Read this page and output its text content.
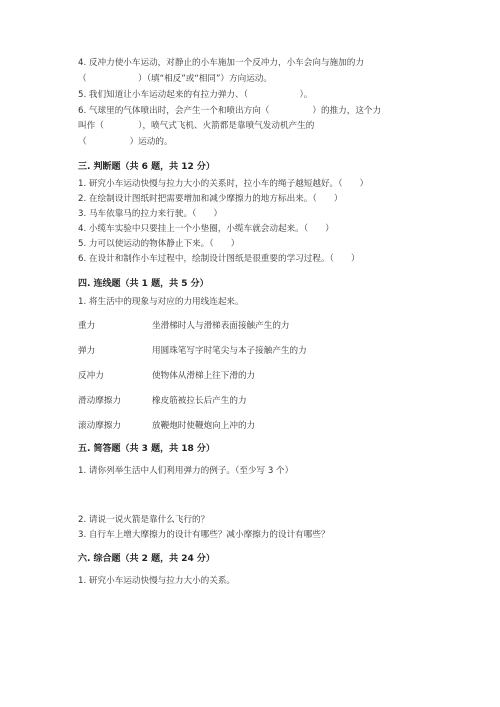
4. 反冲力使小车运动，对静止的小车施加一个反冲力，小车会向与施加的力
（　　　　　　）（填“相反”或“相同”）方向运动。
5. 我们知道让小车运动起来的有拉力弹力、（　　　　　　）。
6. 气球里的气体喷出时，会产生一个和喷出方向（　　　　　）的推力，这个力
叫作（　　　　），喷气式飞机、火箭都是靠喷气发动机产生的
（　　　　　）运动的。
三. 判断题（共 6 题，共 12 分）
1. 研究小车运动快慢与拉力大小的关系时，拉小车的绳子越短越好。（　　）
2. 在绘制设计图纸时把需要增加和减少摩擦力的地方标出来。（　　）
3. 马车依靠马的拉力来行驶。（　　）
4. 小缆车实验中只要挂上一个小垫圈，小缆车就会动起来。（　　）
5. 力可以使运动的物体静止下来。（　　）
6. 在设计和制作小车过程中，绘制设计图纸是很重要的学习过程。（　　）
四. 连线题（共 1 题，共 5 分）
1. 将生活中的现象与对应的力用线连起来。
重力	坐滑梯时人与滑梯表面接触产生的力
弹力	用圆珠笔写字时笔尖与本子接触产生的力
反冲力	使物体从滑梯上往下滑的力
滑动摩擦力	橡皮筋被拉长后产生的力
滚动摩擦力	放鞭炮时使鞭炮向上冲的力
五. 简答题（共 3 题，共 18 分）
1. 请你列举生活中人们利用弹力的例子。（至少写 3 个）
2. 请说一说火箭是靠什么飞行的？
3. 自行车上增大摩擦力的设计有哪些？减小摩擦力的设计有哪些？
六. 综合题（共 2 题，共 24 分）
1. 研究小车运动快慢与拉力大小的关系。
